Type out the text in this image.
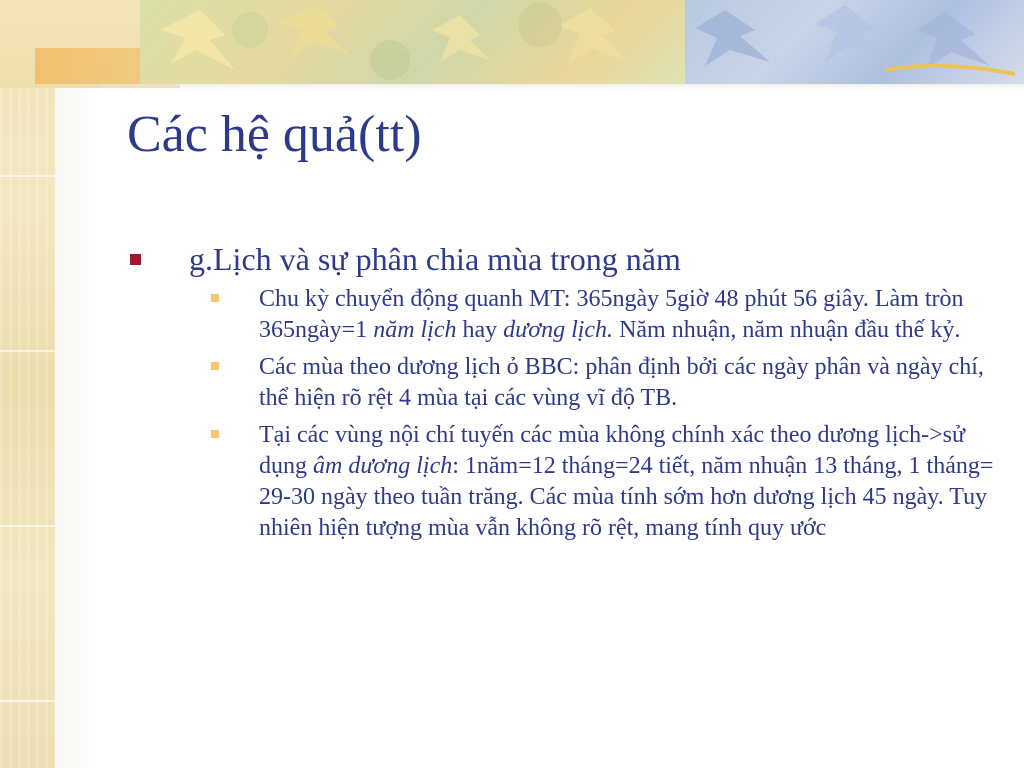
Các hệ quả(tt)
g.Lịch và sự phân chia mùa trong năm
Chu kỳ chuyển động quanh MT: 365ngày 5giờ 48 phút 56 giây. Làm tròn 365ngày=1 năm lịch hay dương lịch. Năm nhuận, năm nhuận đầu thế kỷ.
Các mùa theo dương lịch ỏ BBC: phân định bởi các ngày phân và ngày chí, thể hiện rõ rệt 4 mùa tại các vùng vĩ độ TB.
Tại các vùng nội chí tuyến các mùa không chính xác theo dương lịch->sử dụng âm dương lịch: 1năm=12 tháng=24 tiết, năm nhuận 13 tháng, 1 tháng= 29-30 ngày theo tuần trăng. Các mùa tính sớm hơn dương lịch 45 ngày. Tuy nhiên hiện tượng mùa vẫn không rõ rệt, mang tính quy ước
